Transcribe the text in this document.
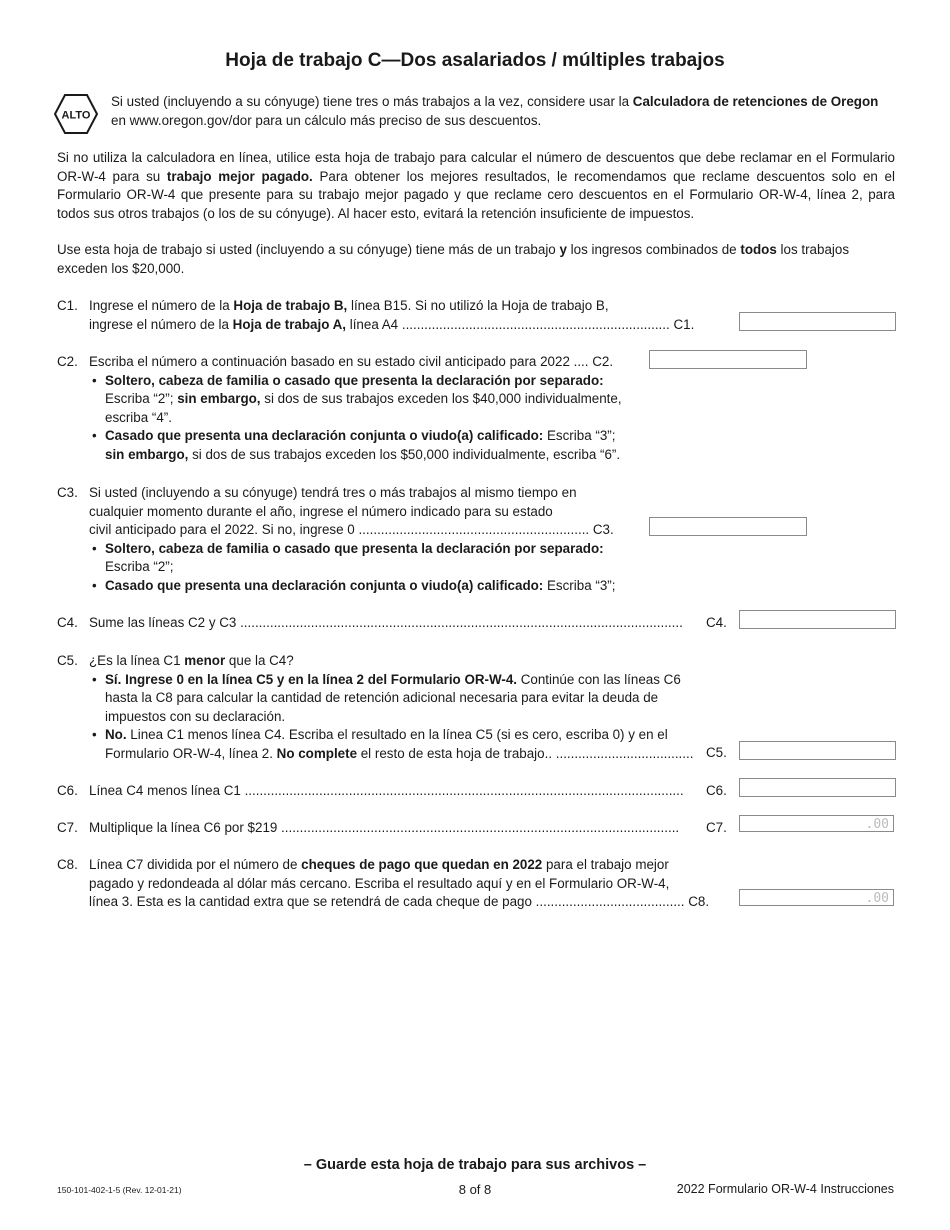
Hoja de trabajo C—Dos asalariados / múltiples trabajos
ALTO

Si usted (incluyendo a su cónyuge) tiene tres o más trabajos a la vez, considere usar la Calculadora de retenciones de Oregon en www.oregon.gov/dor para un cálculo más preciso de sus descuentos.

Si no utiliza la calculadora en línea, utilice esta hoja de trabajo para calcular el número de descuentos que debe reclamar en el Formulario OR-W-4 para su trabajo mejor pagado. Para obtener los mejores resultados, le recomendamos que reclame descuentos solo en el Formulario OR-W-4 que presente para su trabajo mejor pagado y que reclame cero descuentos en el Formulario OR-W-4, línea 2, para todos sus otros trabajos (o los de su cónyuge). Al hacer esto, evitará la retención insuficiente de impuestos.

Use esta hoja de trabajo si usted (incluyendo a su cónyuge) tiene más de un trabajo y los ingresos combinados de todos los trabajos exceden los $20,000.

C1. Ingrese el número de la Hoja de trabajo B, línea B15. Si no utilizó la Hoja de trabajo B,
ingrese el número de la Hoja de trabajo A, línea A4 ........................................................................ C1.
C2. Escriba el número a continuación basado en su estado civil anticipado para 2022 .... C2.
• Soltero, cabeza de familia o casado que presenta la declaración por separado:
Escriba “2”; sin embargo, si dos de sus trabajos exceden los $40,000 individualmente,
escriba “4”.
• Casado que presenta una declaración conjunta o viudo(a) calificado: Escriba “3”;
sin embargo, si dos de sus trabajos exceden los $50,000 individualmente, escriba “6”.
C3. Si usted (incluyendo a su cónyuge) tendrá tres o más trabajos al mismo tiempo en
cualquier momento durante el año, ingrese el número indicado para su estado
civil anticipado para el 2022. Si no, ingrese 0 .............................................................. C3.
• Soltero, cabeza de familia o casado que presenta la declaración por separado:
Escriba “2”;
• Casado que presenta una declaración conjunta o viudo(a) calificado: Escriba “3”;
C4. Sume las líneas C2 y C3 .......................................................................................................................	C4.
C5. ¿Es la línea C1 menor que la C4?
• Sí. Ingrese 0 en la línea C5 y en la línea 2 del Formulario OR-W-4. Continúe con las líneas C6 hasta la C8 para calcular la cantidad de retención adicional necesaria para evitar la deuda de impuestos con su declaración.
• No. Linea C1 menos línea C4. Escriba el resultado en la línea C5 (si es cero, escriba 0) y en el
Formulario OR-W-4, línea 2. No complete el resto de esta hoja de trabajo.. ..................................... C5.
C6. Línea C4 menos línea C1 ......................................................................................................................	C6.
C7. Multiplique la línea C6 por $219 ...........................................................................................................	C7.	.00
C8. Línea C7 dividida por el número de cheques de pago que quedan en 2022 para el trabajo mejor
pagado y redondeada al dólar más cercano. Escriba el resultado aquí y en el Formulario OR-W-4,
línea 3. Esta es la cantidad extra que se retendrá de cada cheque de pago ........................................ C8.	.00
– Guarde esta hoja de trabajo para sus archivos –
150-101-402-1-5 (Rev. 12-01-21)	8 of 8	2022 Formulario OR-W-4 Instrucciones
